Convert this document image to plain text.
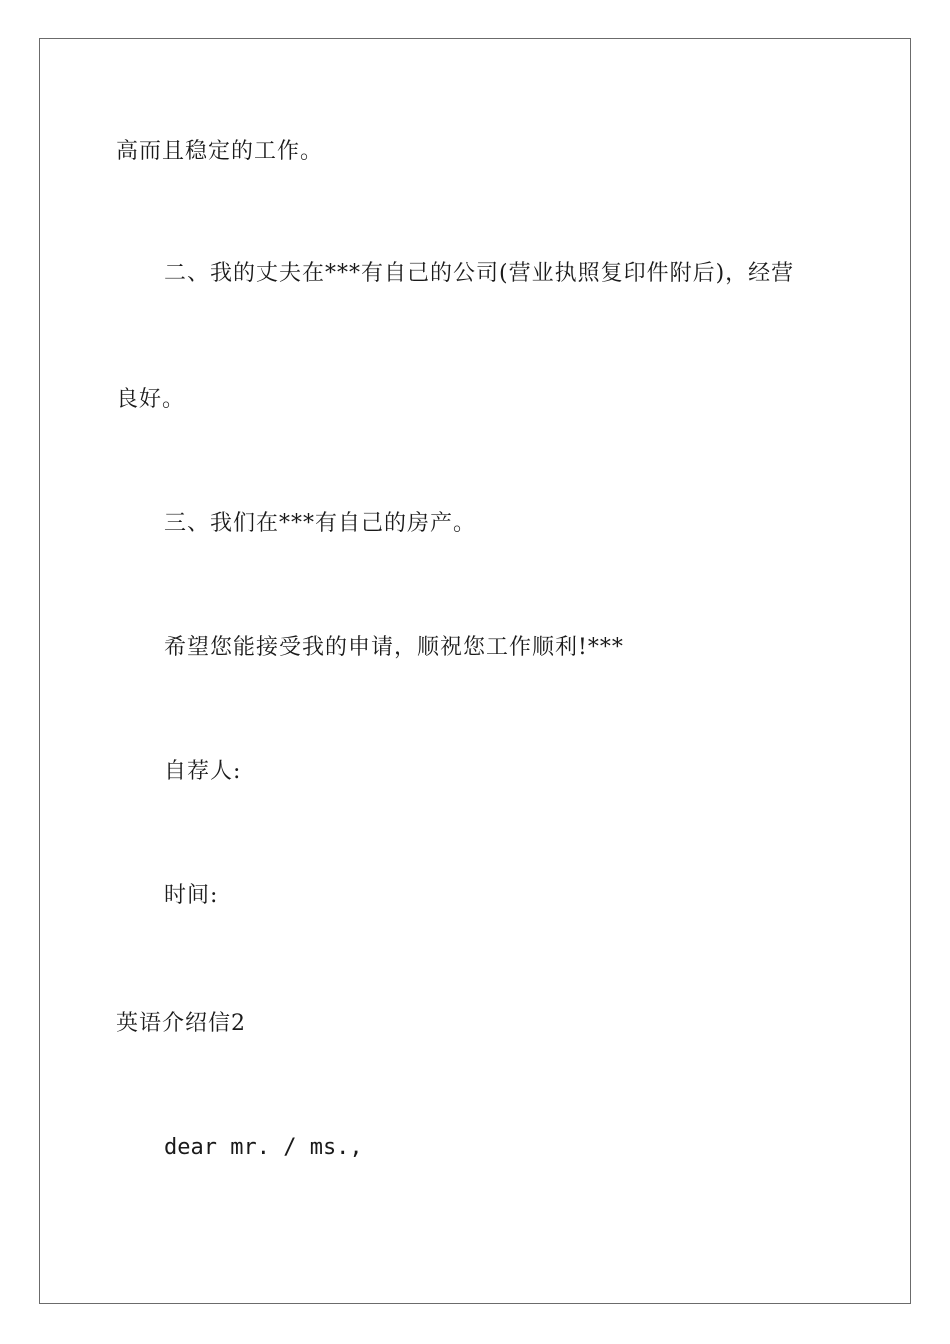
高而且稳定的工作。
二、我的丈夫在***有自己的公司(营业执照复印件附后)，经营
良好。
三、我们在***有自己的房产。
希望您能接受我的申请，顺祝您工作顺利!***
自荐人:
时间:
英语介绍信2
dear mr. / ms.,
